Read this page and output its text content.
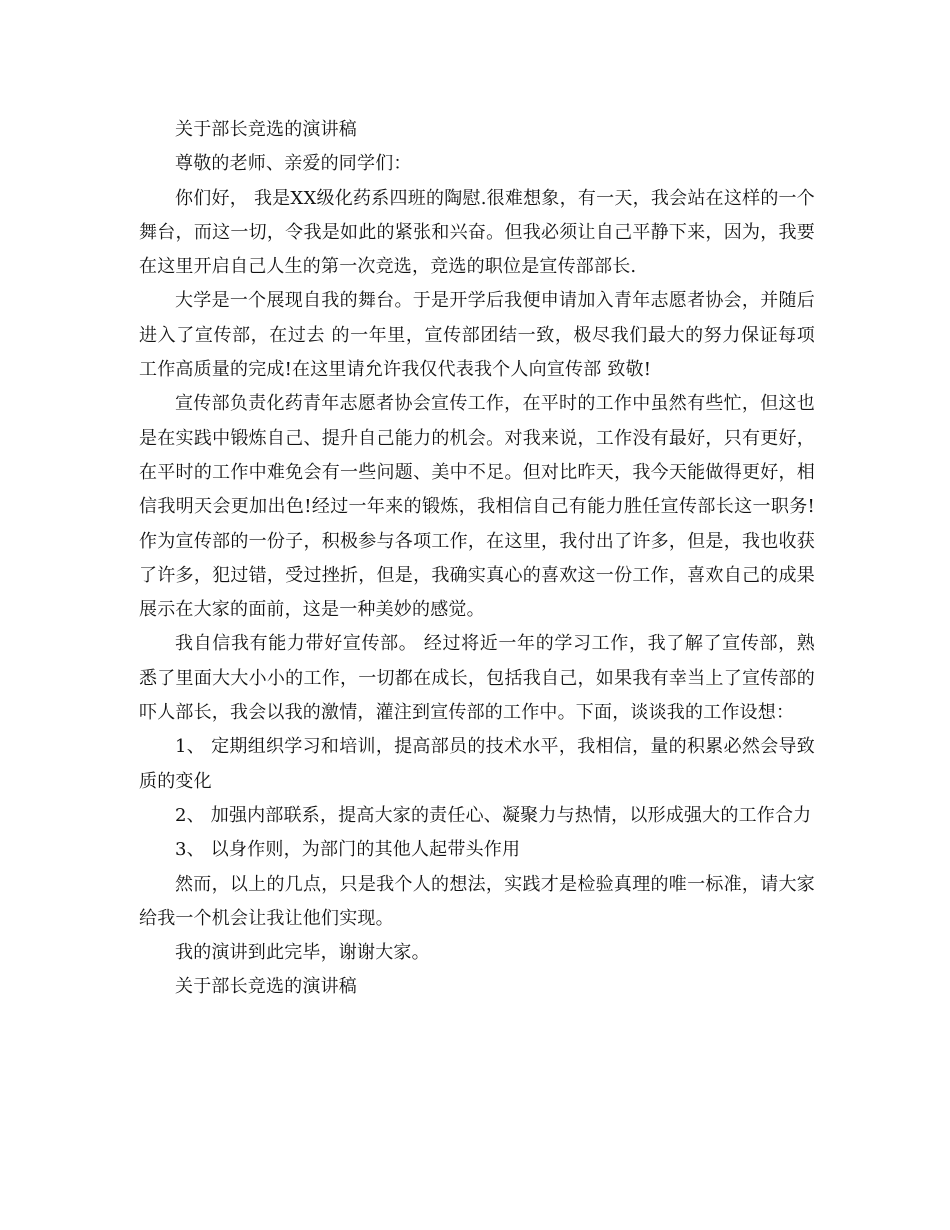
关于部长竞选的演讲稿

尊敬的老师、亲爱的同学们：

你们好， 我是XX级化药系四班的陶慰.很难想象，有一天，我会站在这样的一个舞台，而这一切，令我是如此的紧张和兴奋。但我必须让自己平静下来，因为，我要在这里开启自己人生的第一次竞选，竞选的职位是宣传部部长.

大学是一个展现自我的舞台。于是开学后我便申请加入青年志愿者协会，并随后进入了宣传部，在过去 的一年里，宣传部团结一致，极尽我们最大的努力保证每项 工作高质量的完成!在这里请允许我仅代表我个人向宣传部 致敬!

宣传部负责化药青年志愿者协会宣传工作，在平时的工作中虽然有些忙，但这也是在实践中锻炼自己、提升自己能力的机会。对我来说，工作没有最好，只有更好，在平时的工作中难免会有一些问题、美中不足。但对比昨天，我今天能做得更好，相信我明天会更加出色!经过一年来的锻炼，我相信自己有能力胜任宣传部长这一职务!作为宣传部的一份子，积极参与各项工作，在这里，我付出了许多，但是，我也收获了许多，犯过错，受过挫折，但是，我确实真心的喜欢这一份工作，喜欢自己的成果展示在大家的面前，这是一种美妙的感觉。

我自信我有能力带好宣传部。 经过将近一年的学习工作，我了解了宣传部，熟悉了里面大大小小的工作，一切都在成长，包括我自己，如果我有幸当上了宣传部的吓人部长，我会以我的激情，灌注到宣传部的工作中。下面，谈谈我的工作设想：

1、 定期组织学习和培训，提高部员的技术水平，我相信，量的积累必然会导致质的变化

2、 加强内部联系，提高大家的责任心、凝聚力与热情，以形成强大的工作合力

3、 以身作则，为部门的其他人起带头作用

然而，以上的几点，只是我个人的想法，实践才是检验真理的唯一标准，请大家给我一个机会让我让他们实现。

我的演讲到此完毕，谢谢大家。

关于部长竞选的演讲稿
